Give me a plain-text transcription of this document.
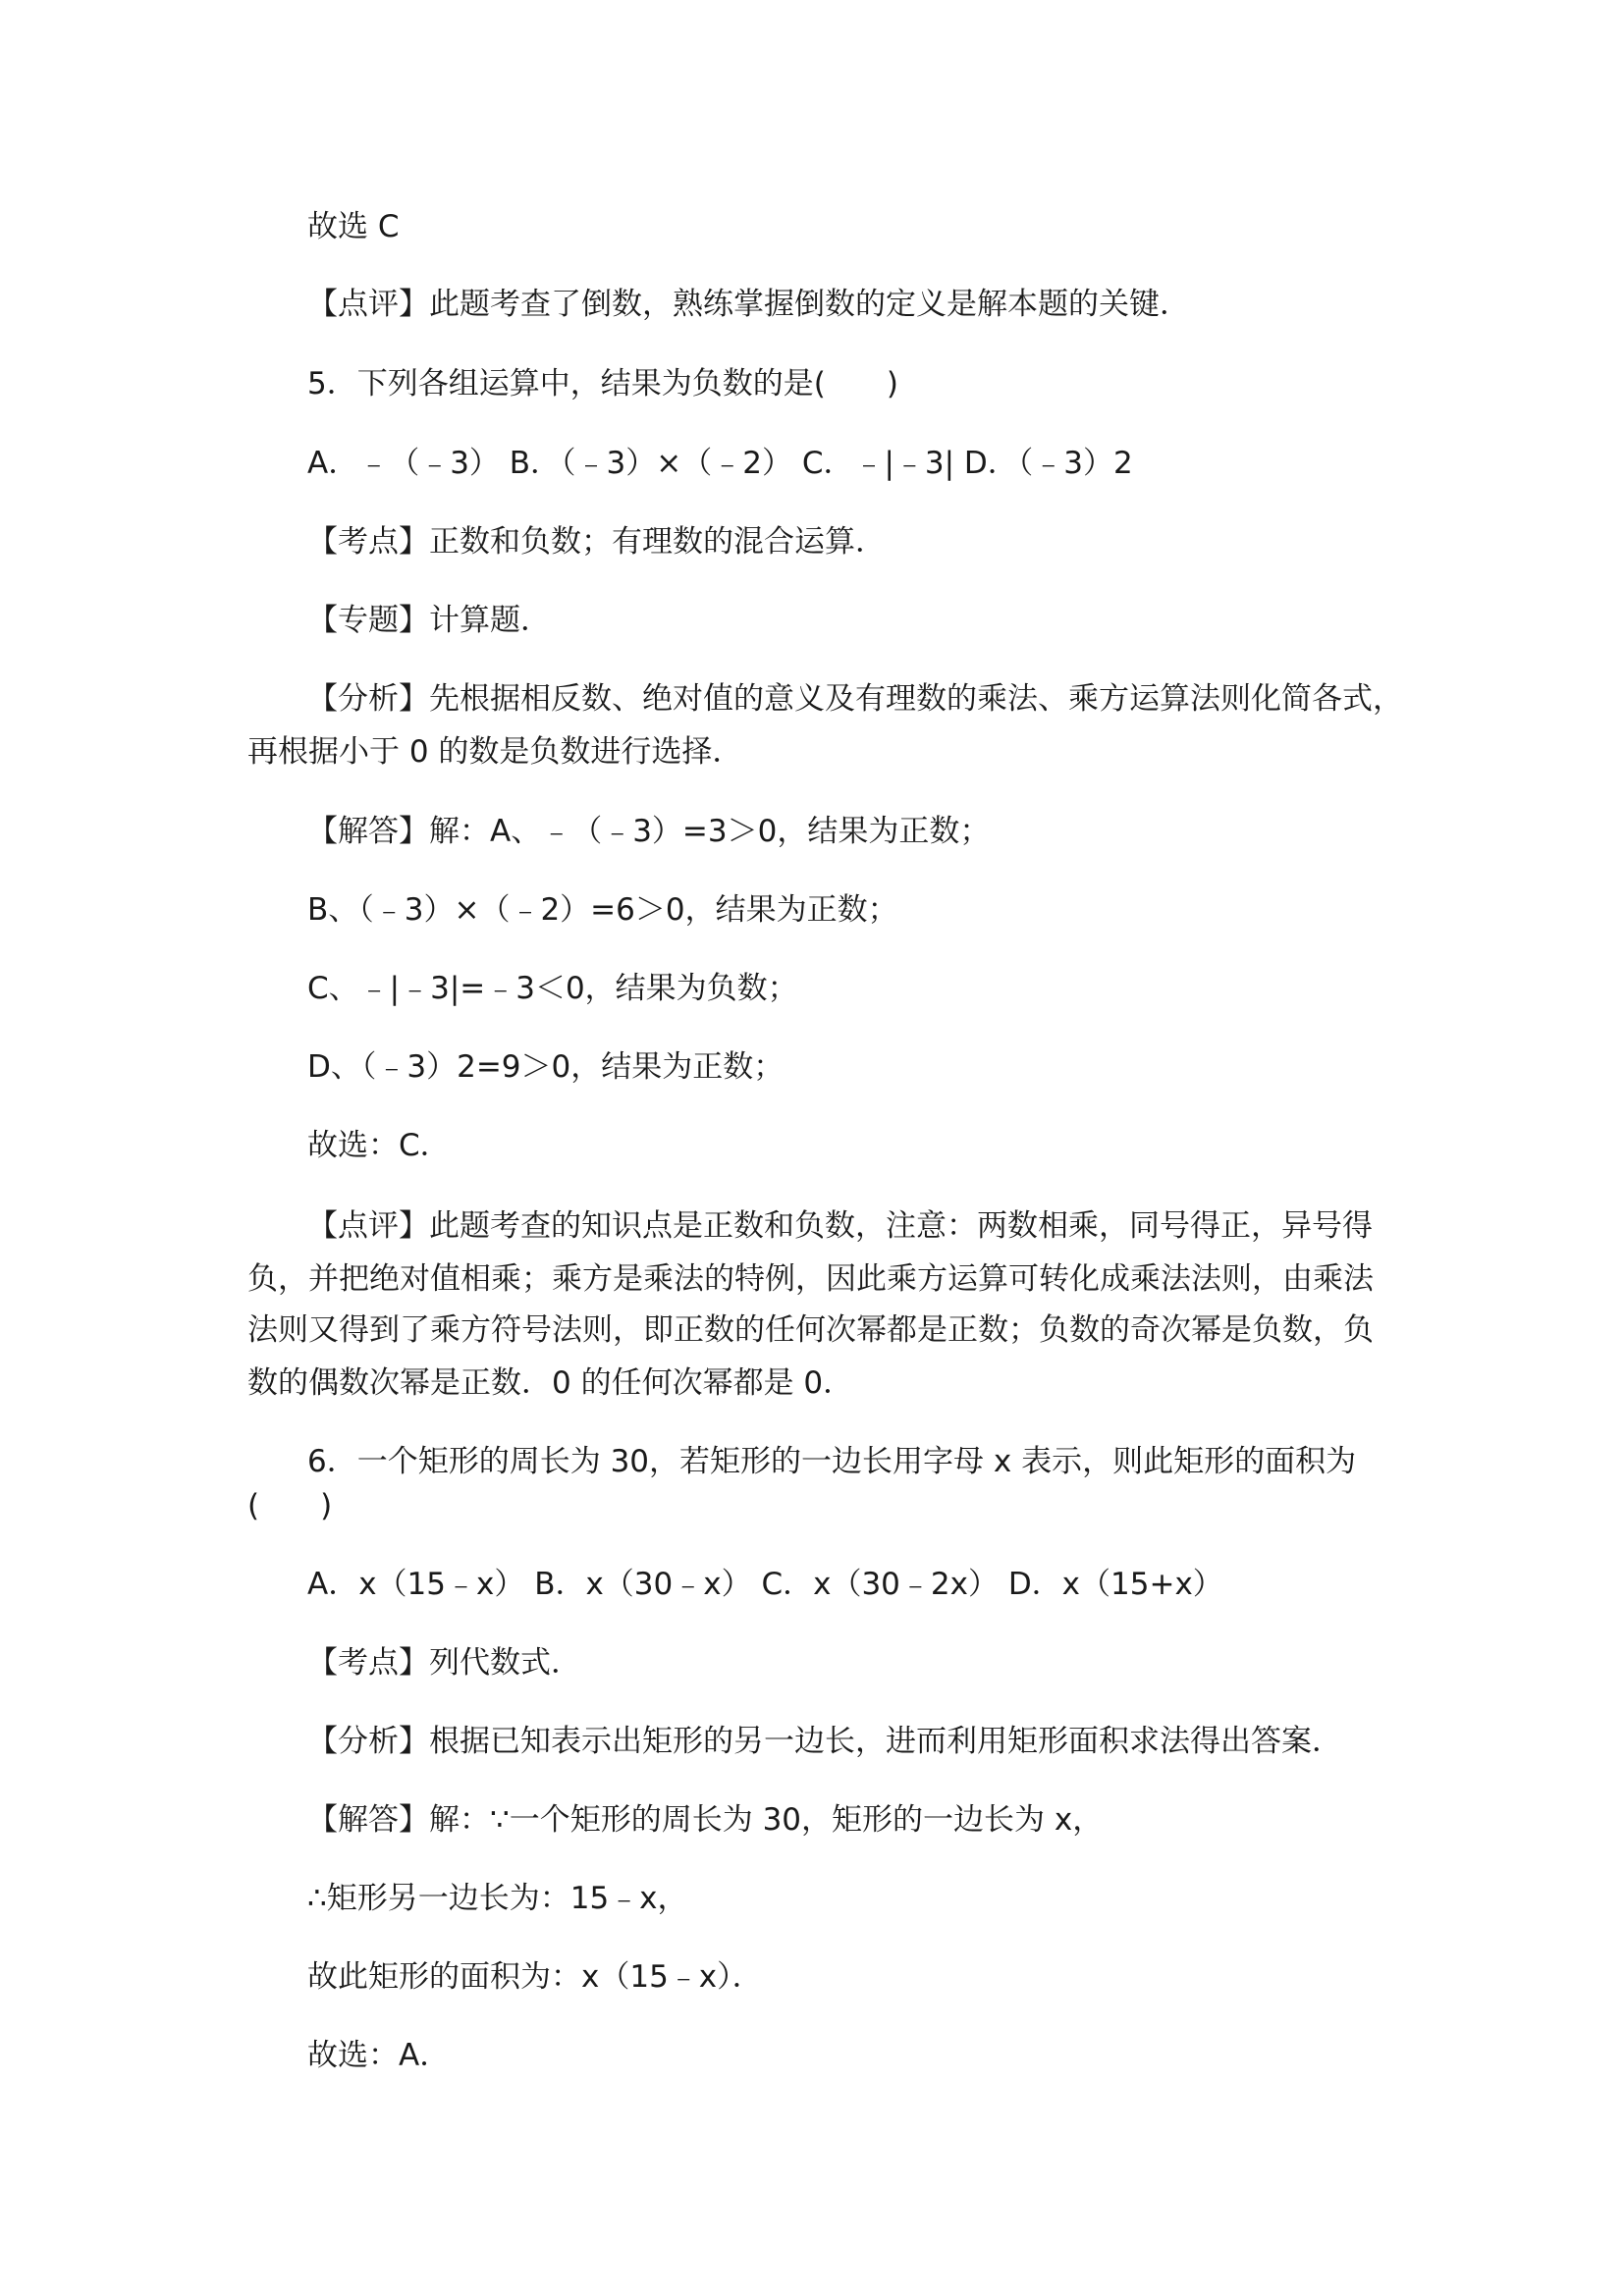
故选 C
【点评】此题考查了倒数，熟练掌握倒数的定义是解本题的关键．
5．下列各组运算中，结果为负数的是(　　)
A．﹣（﹣3） B．（﹣3）×（﹣2） C．﹣|﹣3| D．（﹣3）2
【考点】正数和负数；有理数的混合运算．
【专题】计算题．
【分析】先根据相反数、绝对值的意义及有理数的乘法、乘方运算法则化简各式，
再根据小于 0 的数是负数进行选择．
【解答】解：A、﹣（﹣3）=3＞0，结果为正数；
B、（﹣3）×（﹣2）=6＞0，结果为正数；
C、﹣|﹣3|=﹣3＜0，结果为负数；
D、（﹣3）2=9＞0，结果为正数；
故选：C．
【点评】此题考查的知识点是正数和负数，注意：两数相乘，同号得正，异号得
负，并把绝对值相乘；乘方是乘法的特例，因此乘方运算可转化成乘法法则，由乘法
法则又得到了乘方符号法则，即正数的任何次幂都是正数；负数的奇次幂是负数，负
数的偶数次幂是正数．0 的任何次幂都是 0．
6．一个矩形的周长为 30，若矩形的一边长用字母 x 表示，则此矩形的面积为
(　　)
A．x（15﹣x） B．x（30﹣x） C．x（30﹣2x） D．x（15+x）
【考点】列代数式．
【分析】根据已知表示出矩形的另一边长，进而利用矩形面积求法得出答案．
【解答】解：∵一个矩形的周长为 30，矩形的一边长为 x，
∴矩形另一边长为：15﹣x，
故此矩形的面积为：x（15﹣x）．
故选：A．
